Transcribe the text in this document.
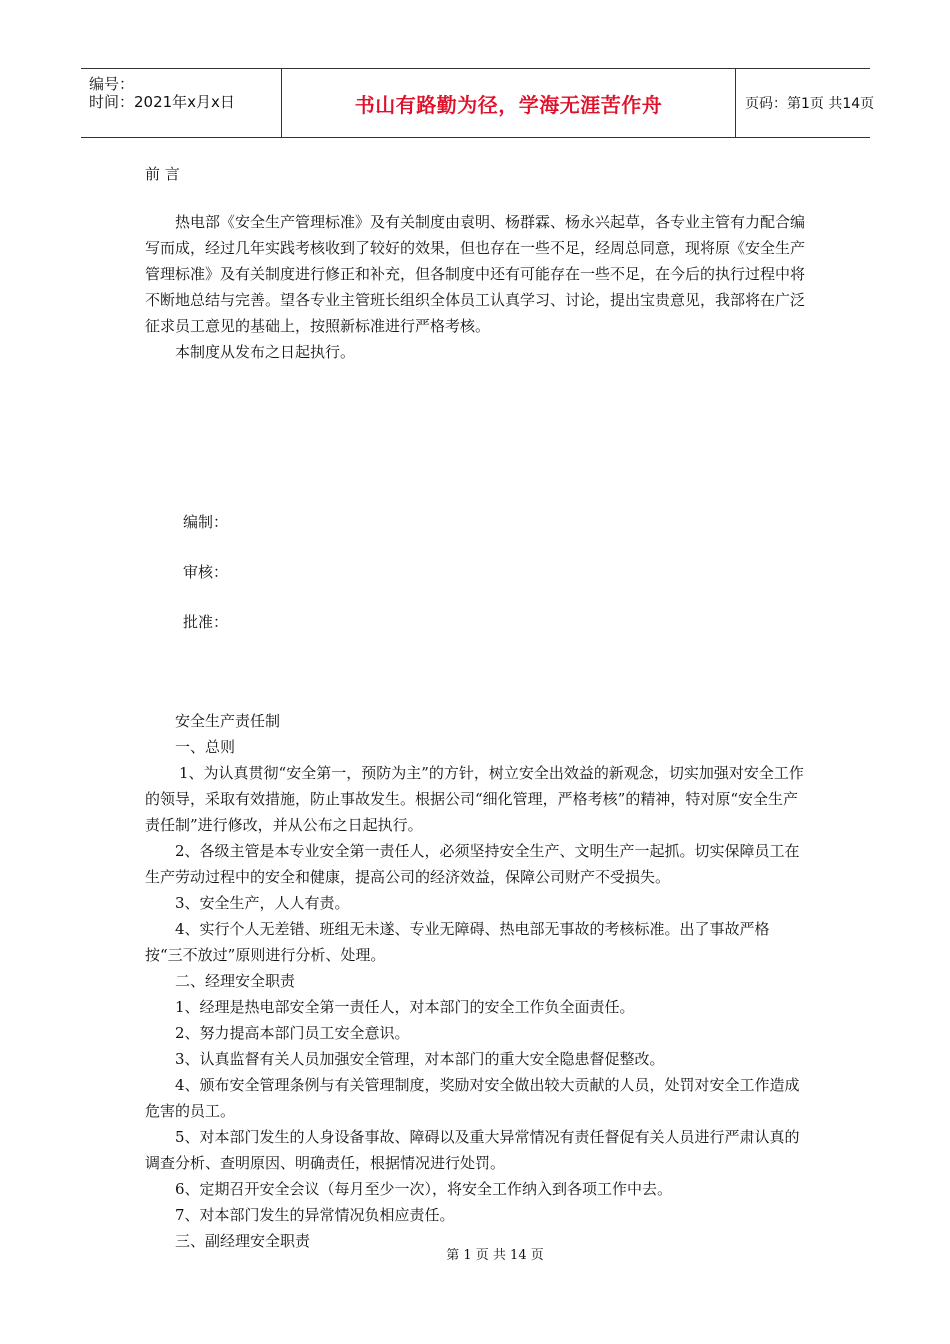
编号：
时间：2021年x月x日	书山有路勤为径，学海无涯苦作舟	页码：第1页 共14页

前 言

热电部《安全生产管理标准》及有关制度由袁明、杨群霖、杨永兴起草，各专业主管有力配合编写而成，经过几年实践考核收到了较好的效果，但也存在一些不足，经周总同意，现将原《安全生产管理标准》及有关制度进行修正和补充，但各制度中还有可能存在一些不足，在今后的执行过程中将不断地总结与完善。望各专业主管班长组织全体员工认真学习、讨论，提出宝贵意见，我部将在广泛征求员工意见的基础上，按照新标准进行严格考核。

本制度从发布之日起执行。

编制：
审核：
批准：

安全生产责任制

一、总则

1、为认真贯彻“安全第一，预防为主”的方针，树立安全出效益的新观念，切实加强对安全工作的领导，采取有效措施，防止事故发生。根据公司“细化管理，严格考核”的精神，特对原“安全生产责任制”进行修改，并从公布之日起执行。

2、各级主管是本专业安全第一责任人，必须坚持安全生产、文明生产一起抓。切实保障员工在生产劳动过程中的安全和健康，提高公司的经济效益，保障公司财产不受损失。

3、安全生产，人人有责。

4、实行个人无差错、班组无未遂、专业无障碍、热电部无事故的考核标准。出了事故严格按“三不放过”原则进行分析、处理。

二、经理安全职责

1、经理是热电部安全第一责任人，对本部门的安全工作负全面责任。

2、努力提高本部门员工安全意识。

3、认真监督有关人员加强安全管理，对本部门的重大安全隐患督促整改。

4、颁布安全管理条例与有关管理制度，奖励对安全做出较大贡献的人员，处罚对安全工作造成危害的员工。

5、对本部门发生的人身设备事故、障碍以及重大异常情况有责任督促有关人员进行严肃认真的调查分析、查明原因、明确责任，根据情况进行处罚。

6、定期召开安全会议（每月至少一次），将安全工作纳入到各项工作中去。

7、对本部门发生的异常情况负相应责任。

三、副经理安全职责

第 1 页 共 14 页
